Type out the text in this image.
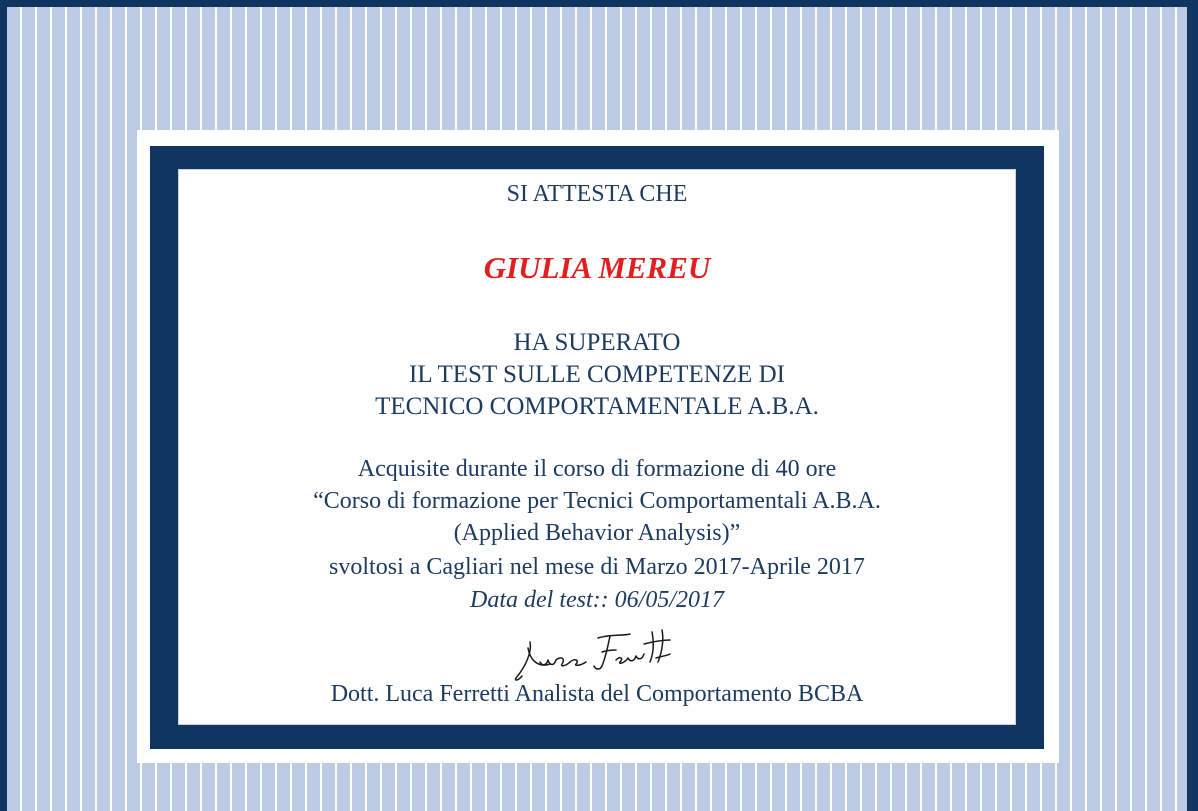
SI ATTESTA CHE
GIULIA MEREU
HA SUPERATO
IL TEST SULLE COMPETENZE DI
TECNICO COMPORTAMENTALE A.B.A.
Acquisite durante il corso di formazione di 40 ore
“Corso di formazione per Tecnici Comportamentali A.B.A.
(Applied Behavior Analysis)”
svoltosi a Cagliari nel mese di Marzo 2017-Aprile 2017
Data del test:: 06/05/2017
Dott. Luca Ferretti Analista del Comportamento BCBA
